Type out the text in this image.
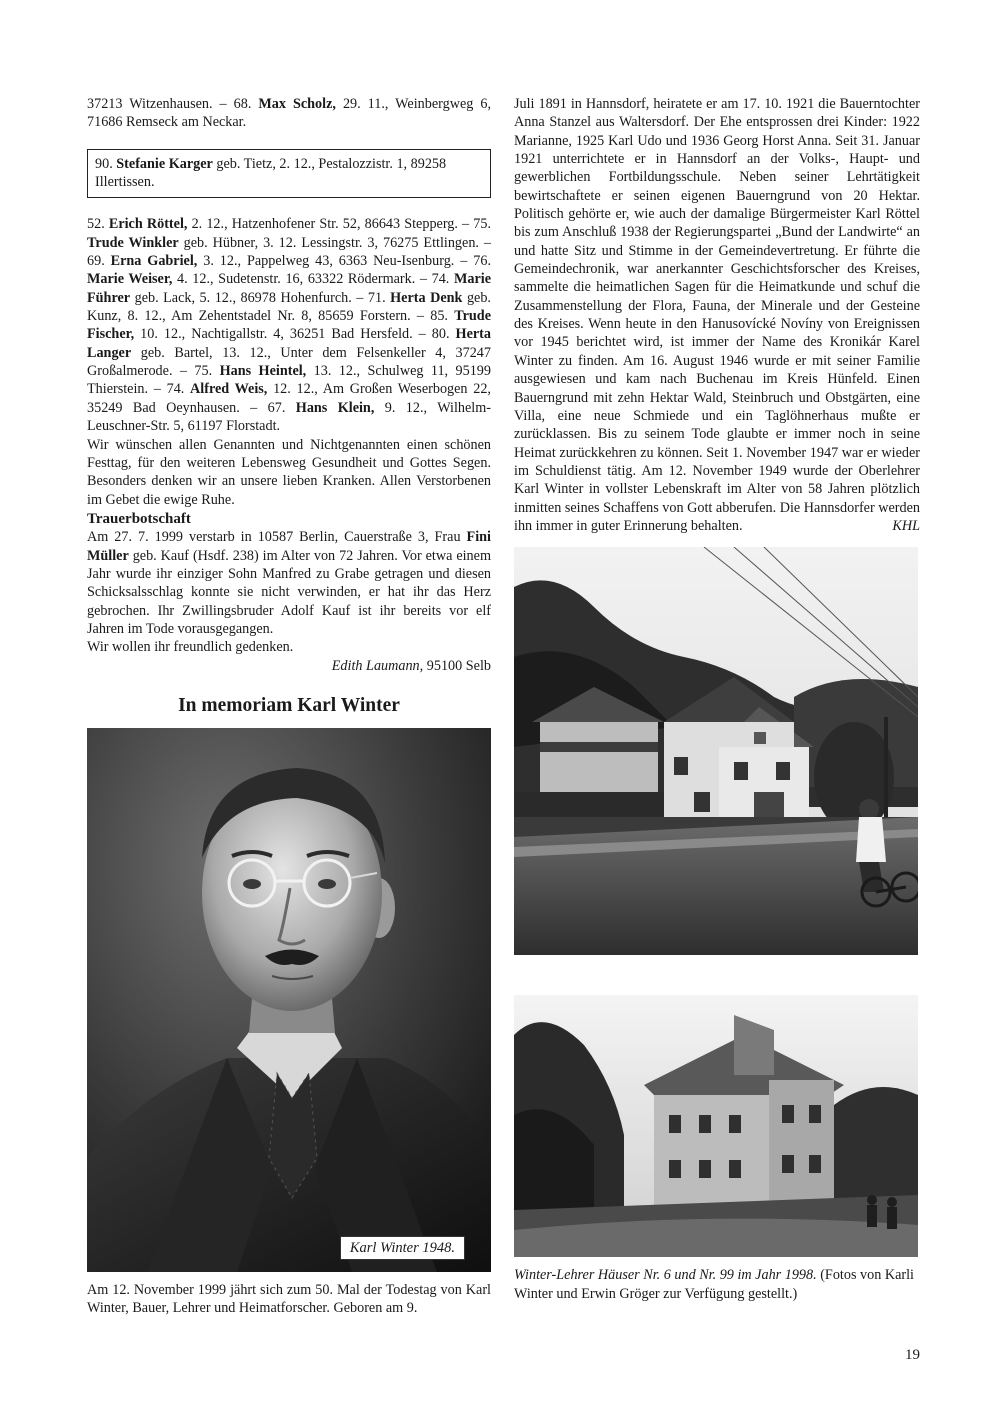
37213 Witzenhausen. – 68. Max Scholz, 29. 11., Weinbergweg 6, 71686 Remseck am Neckar.

90. Stefanie Karger geb. Tietz, 2. 12., Pestalozzistr. 1, 89258 Illertissen.

52. Erich Röttel, 2. 12., Hatzenhofener Str. 52, 86643 Stepperg. – 75. Trude Winkler geb. Hübner, 3. 12. Lessingstr. 3, 76275 Ettlingen. – 69. Erna Gabriel, 3. 12., Pappelweg 43, 6363 Neu-Isenburg. – 76. Marie Weiser, 4. 12., Sudetenstr. 16, 63322 Rödermark. – 74. Marie Führer geb. Lack, 5. 12., 86978 Hohenfurch. – 71. Herta Denk geb. Kunz, 8. 12., Am Zehentstadel Nr. 8, 85659 Forstern. – 85. Trude Fischer, 10. 12., Nachtigallstr. 4, 36251 Bad Hersfeld. – 80. Herta Langer geb. Bartel, 13. 12., Unter dem Felsenkeller 4, 37247 Großalmerode. – 75. Hans Heintel, 13. 12., Schulweg 11, 95199 Thierstein. – 74. Alfred Weis, 12. 12., Am Großen Weserbogen 22, 35249 Bad Oeynhausen. – 67. Hans Klein, 9. 12., Wilhelm-Leuschner-Str. 5, 61197 Florstadt.

Wir wünschen allen Genannten und Nichtgenannten einen schönen Festtag, für den weiteren Lebensweg Gesundheit und Gottes Segen. Besonders denken wir an unsere lieben Kranken. Allen Verstorbenen im Gebet die ewige Ruhe.

Trauerbotschaft

Am 27. 7. 1999 verstarb in 10587 Berlin, Cauerstraße 3, Frau Fini Müller geb. Kauf (Hsdf. 238) im Alter von 72 Jahren. Vor etwa einem Jahr wurde ihr einziger Sohn Manfred zu Grabe getragen und diesen Schicksalsschlag konnte sie nicht verwinden, er hat ihr das Herz gebrochen. Ihr Zwillingsbruder Adolf Kauf ist ihr bereits vor elf Jahren im Tode vorausgegangen.

Wir wollen ihr freundlich gedenken.

Edith Laumann, 95100 Selb

In memoriam Karl Winter
Karl Winter 1948.

Am 12. November 1999 jährt sich zum 50. Mal der Todestag von Karl Winter, Bauer, Lehrer und Heimatforscher. Geboren am 9.

Juli 1891 in Hannsdorf, heiratete er am 17. 10. 1921 die Bauerntochter Anna Stanzel aus Waltersdorf. Der Ehe entsprossen drei Kinder: 1922 Marianne, 1925 Karl Udo und 1936 Georg Horst Anna. Seit 31. Januar 1921 unterrichtete er in Hannsdorf an der Volks-, Haupt- und gewerblichen Fortbildungsschule. Neben seiner Lehrtätigkeit bewirtschaftete er seinen eigenen Bauerngrund von 20 Hektar. Politisch gehörte er, wie auch der damalige Bürgermeister Karl Röttel bis zum Anschluß 1938 der Regierungspartei „Bund der Landwirte“ an und hatte Sitz und Stimme in der Gemeindevertretung. Er führte die Gemeindechronik, war anerkannter Geschichtsforscher des Kreises, sammelte die heimatlichen Sagen für die Heimatkunde und schuf die Zusammenstellung der Flora, Fauna, der Minerale und der Gesteine des Kreises. Wenn heute in den Hanusovícké Novíny von Ereignissen vor 1945 berichtet wird, ist immer der Name des Kronikár Karel Winter zu finden. Am 16. August 1946 wurde er mit seiner Familie ausgewiesen und kam nach Buchenau im Kreis Hünfeld. Einen Bauerngrund mit zehn Hektar Wald, Steinbruch und Obstgärten, eine Villa, eine neue Schmiede und ein Taglöhnerhaus mußte er zurücklassen. Bis zu seinem Tode glaubte er immer noch in seine Heimat zurückkehren zu können. Seit 1. November 1947 war er wieder im Schuldienst tätig. Am 12. November 1949 wurde der Oberlehrer Karl Winter in vollster Lebenskraft im Alter von 58 Jahren plötzlich inmitten seines Schaffens von Gott abberufen. Die Hannsdorfer werden ihn immer in guter Erinnerung behalten.	KHL

Winter-Lehrer Häuser Nr. 6 und Nr. 99 im Jahr 1998. (Fotos von Karli Winter und Erwin Gröger zur Verfügung gestellt.)

19
